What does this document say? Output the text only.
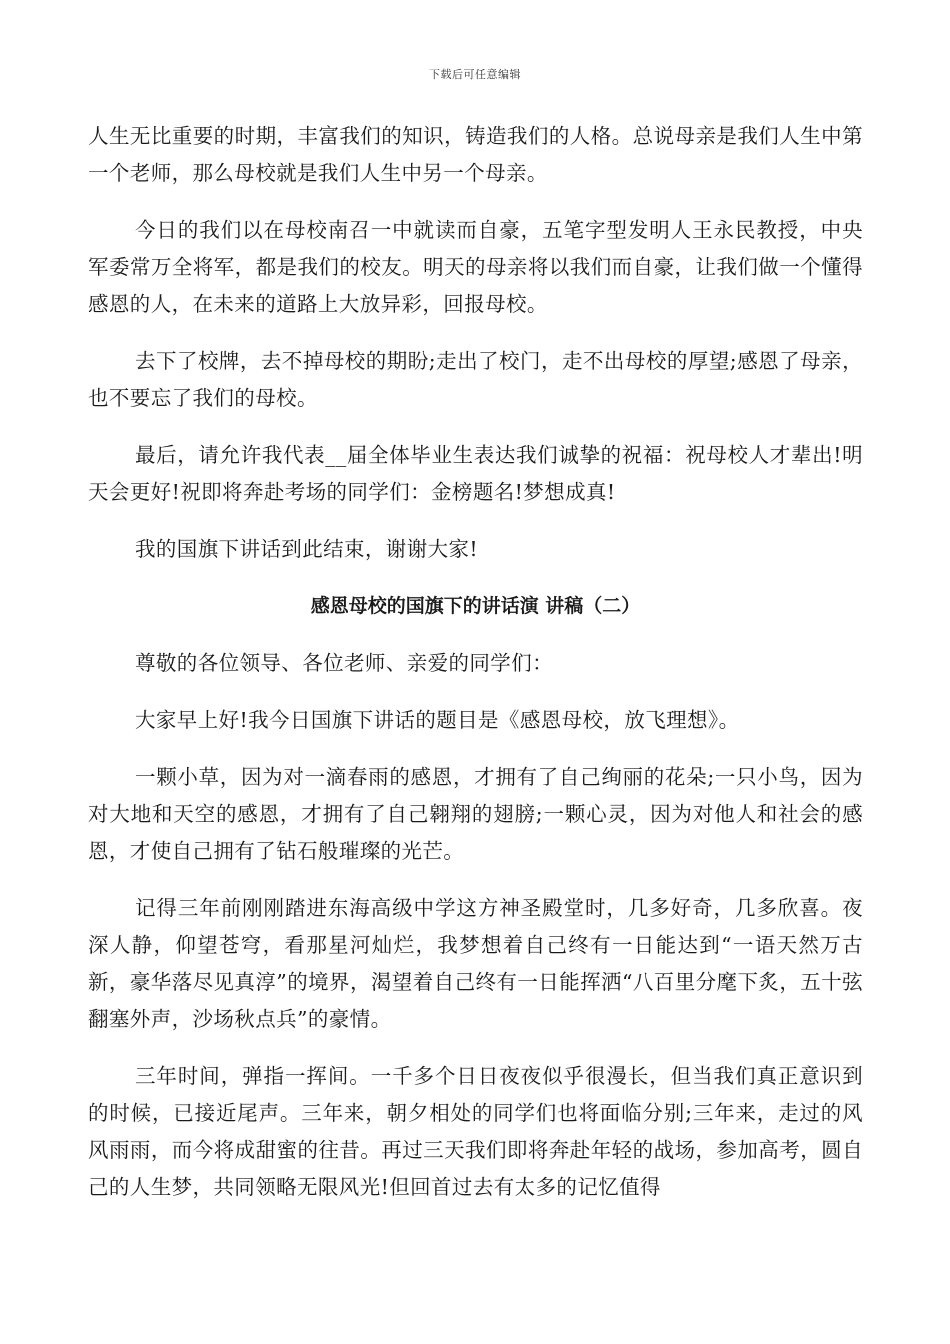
下载后可任意编辑

人生无比重要的时期，丰富我们的知识，铸造我们的人格。总说母亲是我们人生中第一个老师，那么母校就是我们人生中另一个母亲。

今日的我们以在母校南召一中就读而自豪，五笔字型发明人王永民教授，中央军委常万全将军，都是我们的校友。明天的母亲将以我们而自豪，让我们做一个懂得感恩的人，在未来的道路上大放异彩，回报母校。

去下了校牌，去不掉母校的期盼;走出了校门，走不出母校的厚望;感恩了母亲，也不要忘了我们的母校。

最后，请允许我代表__届全体毕业生表达我们诚挚的祝福：祝母校人才辈出!明天会更好!祝即将奔赴考场的同学们：金榜题名!梦想成真!

我的国旗下讲话到此结束，谢谢大家!

感恩母校的国旗下的讲话演 讲稿（二）

尊敬的各位领导、各位老师、亲爱的同学们：

大家早上好!我今日国旗下讲话的题目是《感恩母校，放飞理想》。

一颗小草，因为对一滴春雨的感恩，才拥有了自己绚丽的花朵;一只小鸟，因为对大地和天空的感恩，才拥有了自己翱翔的翅膀;一颗心灵，因为对他人和社会的感恩，才使自己拥有了钻石般璀璨的光芒。

记得三年前刚刚踏进东海高级中学这方神圣殿堂时，几多好奇，几多欣喜。夜深人静，仰望苍穹，看那星河灿烂，我梦想着自己终有一日能达到“一语天然万古新，豪华落尽见真淳”的境界，渴望着自己终有一日能挥洒“八百里分麾下炙，五十弦翻塞外声，沙场秋点兵”的豪情。

三年时间，弹指一挥间。一千多个日日夜夜似乎很漫长，但当我们真正意识到的时候，已接近尾声。三年来，朝夕相处的同学们也将面临分别;三年来，走过的风风雨雨，而今将成甜蜜的往昔。再过三天我们即将奔赴年轻的战场，参加高考，圆自己的人生梦，共同领略无限风光!但回首过去有太多的记忆值得
